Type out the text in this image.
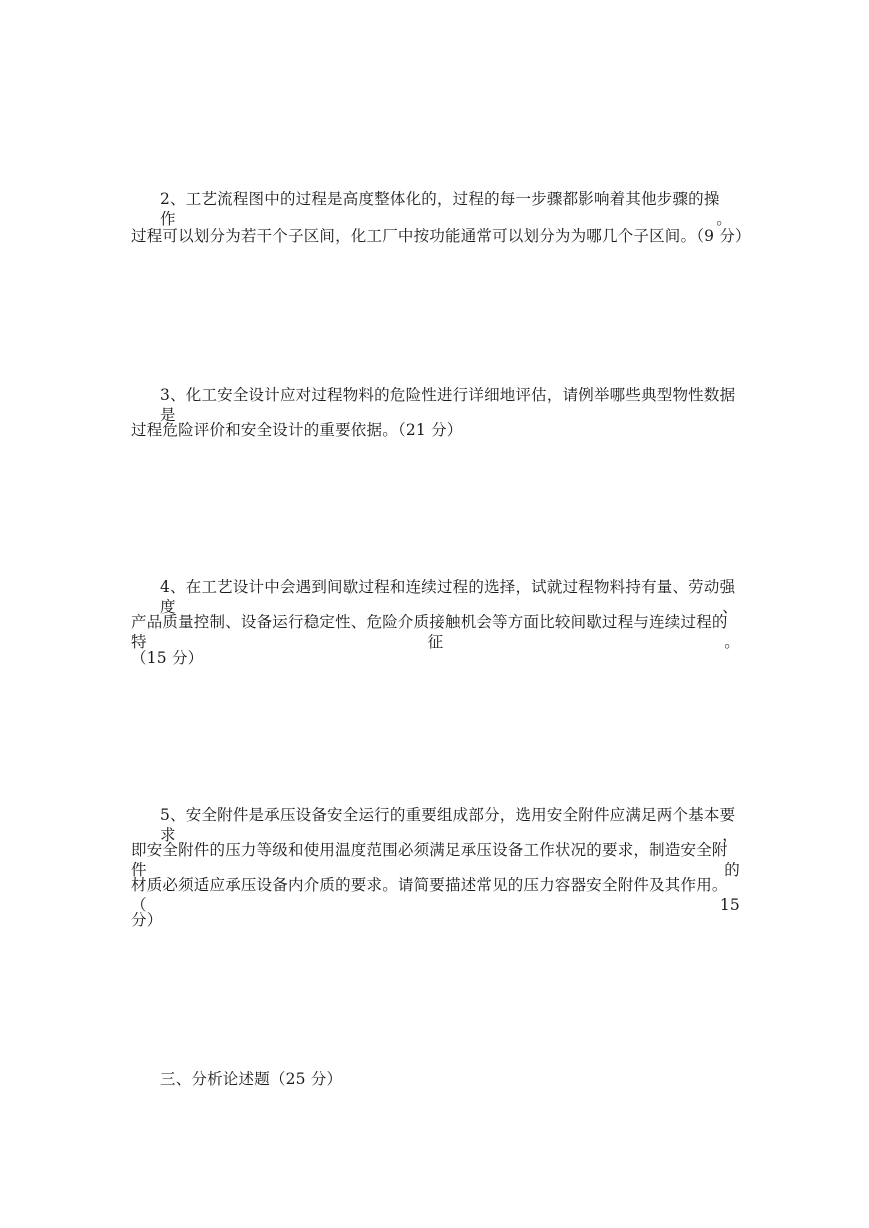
2、工艺流程图中的过程是高度整体化的，过程的每一步骤都影响着其他步骤的操作。
过程可以划分为若干个子区间，化工厂中按功能通常可以划分为为哪几个子区间。（9 分）
3、化工安全设计应对过程物料的危险性进行详细地评估，请例举哪些典型物性数据是
过程危险评价和安全设计的重要依据。（21 分）
4、在工艺设计中会遇到间歇过程和连续过程的选择，试就过程物料持有量、劳动强度、
产品质量控制、设备运行稳定性、危险介质接触机会等方面比较间歇过程与连续过程的特征。
（15 分）
5、安全附件是承压设备安全运行的重要组成部分，选用安全附件应满足两个基本要求，
即安全附件的压力等级和使用温度范围必须满足承压设备工作状况的要求，制造安全附件的
材质必须适应承压设备内介质的要求。请简要描述常见的压力容器安全附件及其作用。（15
分）
三、分析论述题（25 分）
